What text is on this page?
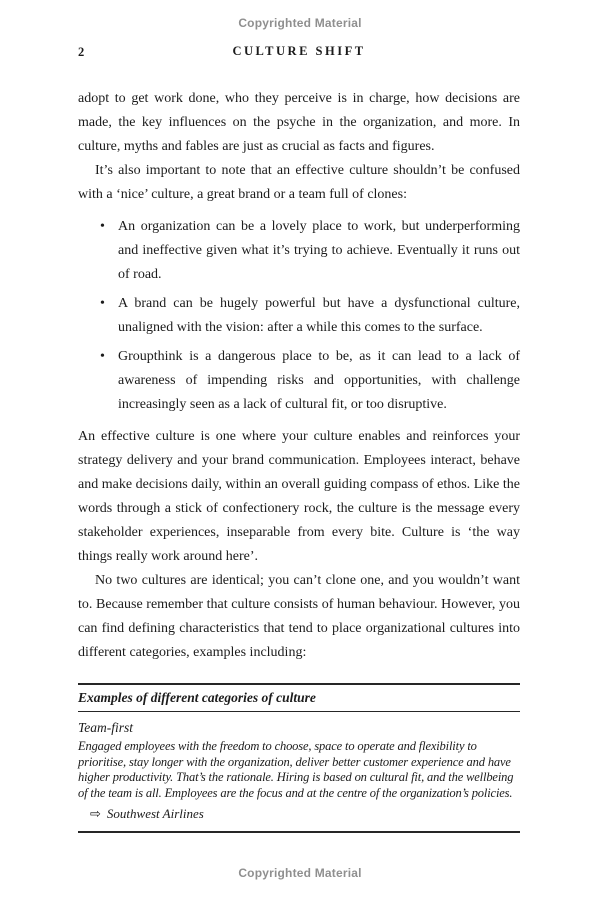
Copyrighted Material
2	CULTURE SHIFT

adopt to get work done, who they perceive is in charge, how decisions are made, the key influences on the psyche in the organization, and more. In culture, myths and fables are just as crucial as facts and figures.

It’s also important to note that an effective culture shouldn’t be confused with a ‘nice’ culture, a great brand or a team full of clones:

• An organization can be a lovely place to work, but underperforming and ineffective given what it’s trying to achieve. Eventually it runs out of road.
• A brand can be hugely powerful but have a dysfunctional culture, unaligned with the vision: after a while this comes to the surface.
• Groupthink is a dangerous place to be, as it can lead to a lack of awareness of impending risks and opportunities, with challenge increasingly seen as a lack of cultural fit, or too disruptive.

An effective culture is one where your culture enables and reinforces your strategy delivery and your brand communication. Employees interact, behave and make decisions daily, within an overall guiding compass of ethos. Like the words through a stick of confectionery rock, the culture is the message every stakeholder experiences, inseparable from every bite. Culture is ‘the way things really work around here’.

No two cultures are identical; you can’t clone one, and you wouldn’t want to. Because remember that culture consists of human behaviour. However, you can find defining characteristics that tend to place organizational cultures into different categories, examples including:

Examples of different categories of culture
Team-first
Engaged employees with the freedom to choose, space to operate and flexibility to prioritise, stay longer with the organization, deliver better customer experience and have higher productivity. That’s the rationale. Hiring is based on cultural fit, and the wellbeing of the team is all. Employees are the focus and at the centre of the organization’s policies.
⇨ Southwest Airlines
Copyrighted Material
